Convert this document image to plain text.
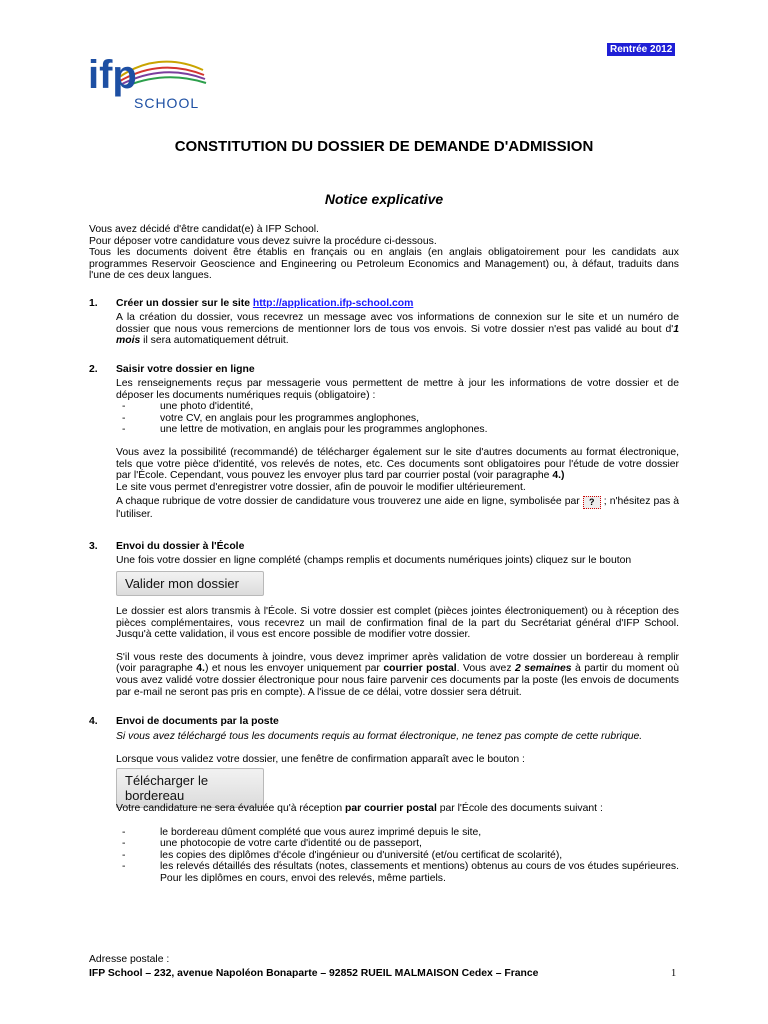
Rentrée 2012
ifp
SCHOOL
CONSTITUTION DU DOSSIER DE DEMANDE D'ADMISSION
Notice explicative
Vous avez décidé d'être candidat(e) à IFP School.
Pour déposer votre candidature vous devez suivre la procédure ci-dessous.
Tous les documents doivent être établis en français ou en anglais (en anglais obligatoirement pour les candidats aux programmes Reservoir Geoscience and Engineering ou Petroleum Economics and Management) ou, à défaut, traduits dans l'une de ces deux langues.
1. Créer un dossier sur le site http://application.ifp-school.com
A la création du dossier, vous recevrez un message avec vos informations de connexion sur le site et un numéro de dossier que nous vous remercions de mentionner lors de tous vos envois. Si votre dossier n'est pas validé au bout d'1 mois il sera automatiquement détruit.
2. Saisir votre dossier en ligne
Les renseignements reçus par messagerie vous permettent de mettre à jour les informations de votre dossier et de déposer les documents numériques requis (obligatoire) :
- une photo d'identité,
- votre CV, en anglais pour les programmes anglophones,
- une lettre de motivation, en anglais pour les programmes anglophones.
Vous avez la possibilité (recommandé) de télécharger également sur le site d'autres documents au format électronique, tels que votre pièce d'identité, vos relevés de notes, etc. Ces documents sont obligatoires pour l'étude de votre dossier par l'École. Cependant, vous pouvez les envoyer plus tard par courrier postal (voir paragraphe 4.)
Le site vous permet d'enregistrer votre dossier, afin de pouvoir le modifier ultérieurement.
A chaque rubrique de votre dossier de candidature vous trouverez une aide en ligne, symbolisée par ? ; n'hésitez pas à l'utiliser.
3. Envoi du dossier à l'École
Une fois votre dossier en ligne complété (champs remplis et documents numériques joints) cliquez sur le bouton
Valider mon dossier
Le dossier est alors transmis à l'École. Si votre dossier est complet (pièces jointes électroniquement) ou à réception des pièces complémentaires, vous recevrez un mail de confirmation final de la part du Secrétariat général d'IFP School. Jusqu'à cette validation, il vous est encore possible de modifier votre dossier.
S'il vous reste des documents à joindre, vous devez imprimer après validation de votre dossier un bordereau à remplir (voir paragraphe 4.) et nous les envoyer uniquement par courrier postal. Vous avez 2 semaines à partir du moment où vous avez validé votre dossier électronique pour nous faire parvenir ces documents par la poste (les envois de documents par e-mail ne seront pas pris en compte). A l'issue de ce délai, votre dossier sera détruit.
4. Envoi de documents par la poste
Si vous avez téléchargé tous les documents requis au format électronique, ne tenez pas compte de cette rubrique.
Lorsque vous validez votre dossier, une fenêtre de confirmation apparaît avec le bouton :
Télécharger le bordereau
Votre candidature ne sera évaluée qu'à réception par courrier postal par l'École des documents suivant :
- le bordereau dûment complété que vous aurez imprimé depuis le site,
- une photocopie de votre carte d'identité ou de passeport,
- les copies des diplômes d'école d'ingénieur ou d'université (et/ou certificat de scolarité),
- les relevés détaillés des résultats (notes, classements et mentions) obtenus au cours de vos études supérieures. Pour les diplômes en cours, envoi des relevés, même partiels.
Adresse postale :
IFP School – 232, avenue Napoléon Bonaparte – 92852 RUEIL MALMAISON Cedex – France	1
